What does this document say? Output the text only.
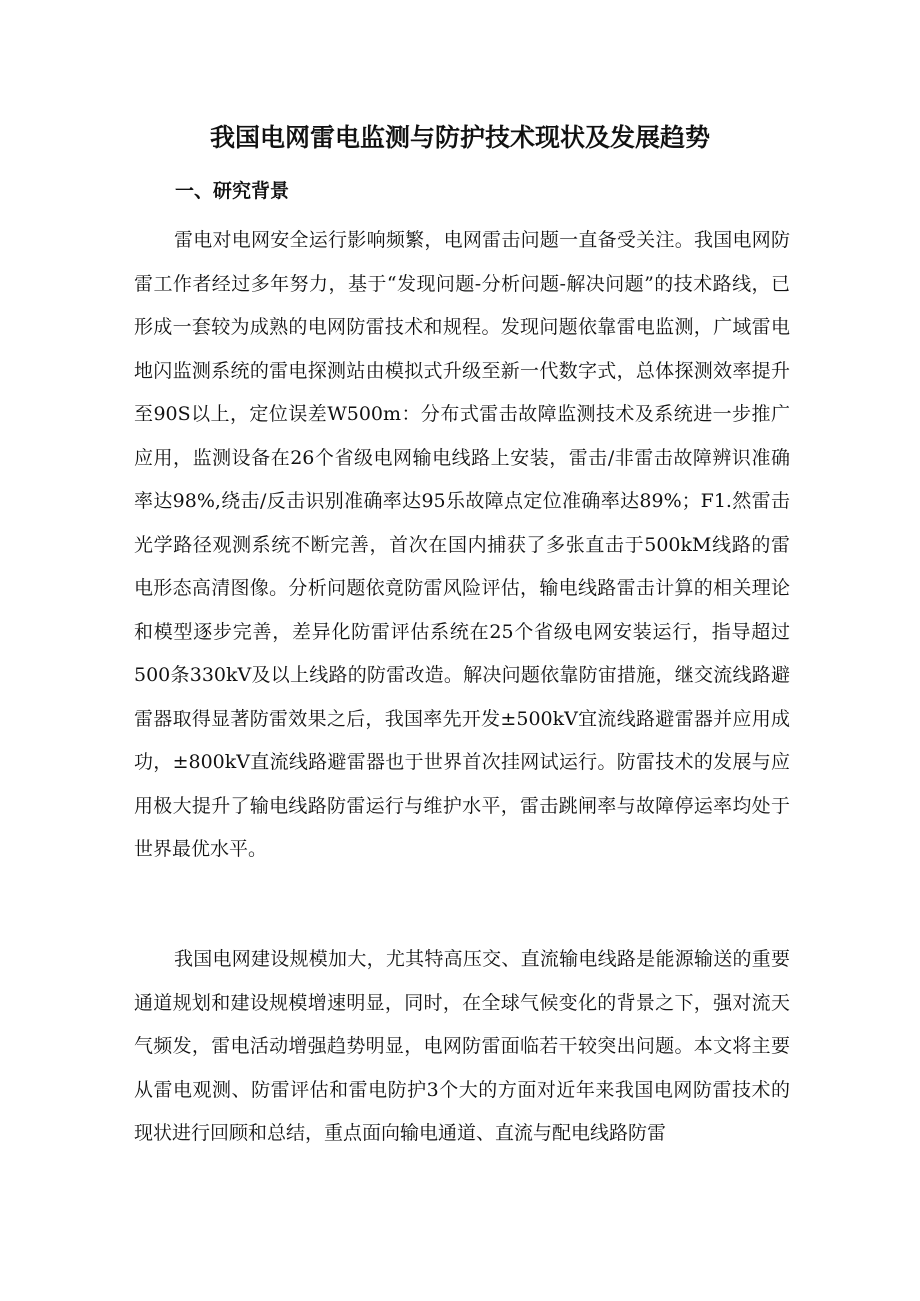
我国电网雷电监测与防护技术现状及发展趋势
一、研究背景

雷电对电网安全运行影响频繁，电网雷击问题一直备受关注。我国电网防雷工作者经过多年努力，基于“发现问题-分析问题-解决问题”的技术路线，已形成一套较为成熟的电网防雷技术和规程。发现问题依靠雷电监测，广域雷电地闪监测系统的雷电探测站由模拟式升级至新一代数字式，总体探测效率提升至90S以上，定位误差W500m：分布式雷击故障监测技术及系统进一步推广应用，监测设备在26个省级电网输电线路上安装，雷击/非雷击故障辨识准确率达98%,绕击/反击识别准确率达95乐故障点定位准确率达89%；F1.然雷击光学路径观测系统不断完善，首次在国内捕获了多张直击于500kM线路的雷电形态高清图像。分析问题依竟防雷风险评估，输电线路雷击计算的相关理论和模型逐步完善，差异化防雷评估系统在25个省级电网安装运行，指导超过500条330kV及以上线路的防雷改造。解决问题依靠防宙措施，继交流线路避雷器取得显著防雷效果之后，我国率先开发±500kV宜流线路避雷器并应用成功，±800kV直流线路避雷器也于世界首次挂网试运行。防雷技术的发展与应用极大提升了输电线路防雷运行与维护水平，雷击跳闸率与故障停运率均处于世界最优水平。

我国电网建设规模加大，尤其特高压交、直流输电线路是能源输送的重要通道规划和建设规模增速明显，同时，在全球气候变化的背景之下，强对流天气频发，雷电活动增强趋势明显，电网防雷面临若干较突出问题。本文将主要从雷电观测、防雷评估和雷电防护3个大的方面对近年来我国电网防雷技术的现状进行回顾和总结，重点面向输电通道、直流与配电线路防雷
